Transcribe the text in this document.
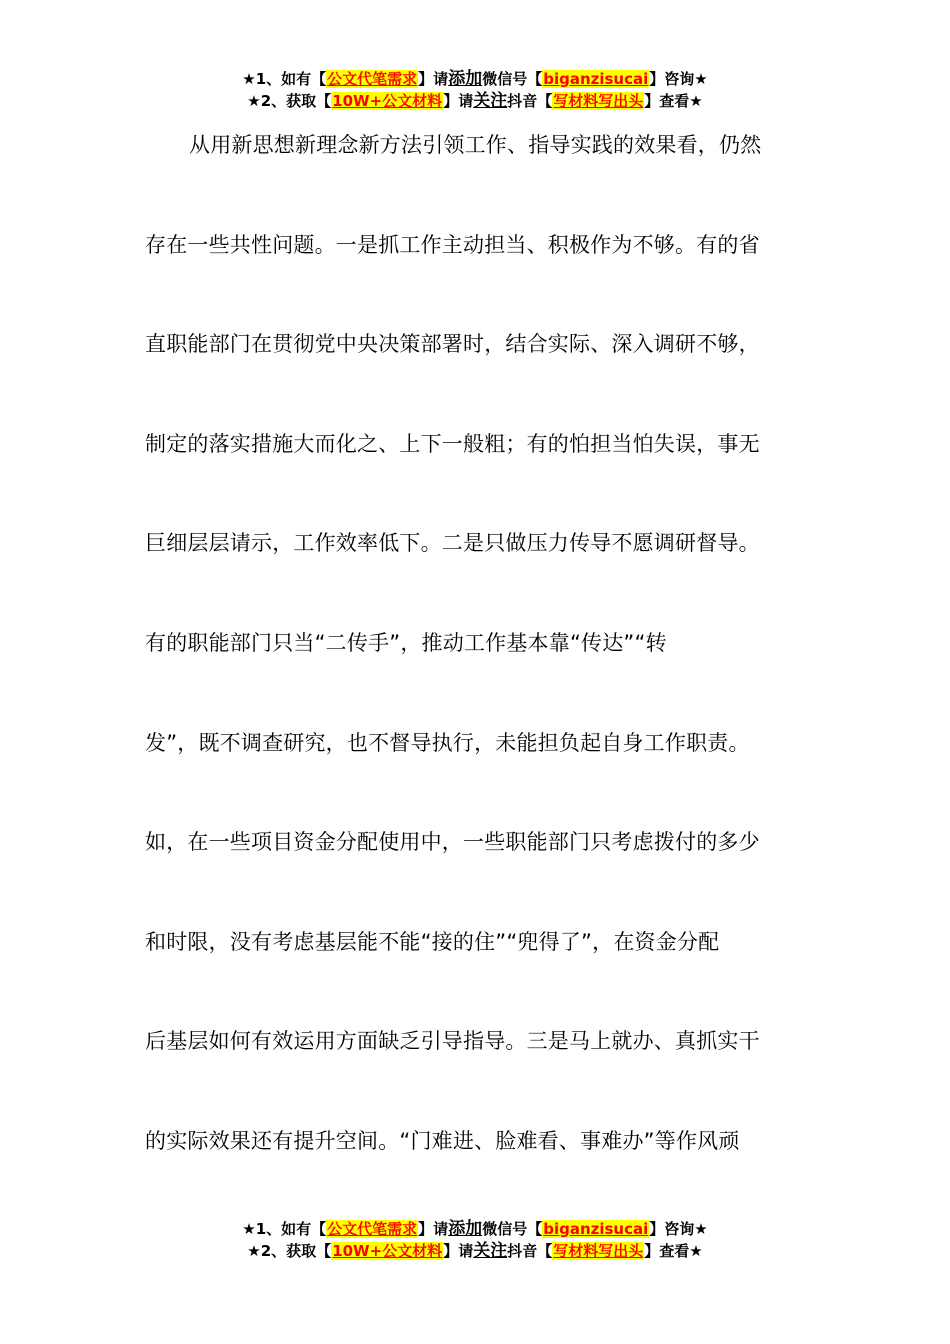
★1、如有【公文代笔需求】请添加微信号【biganzisucai】咨询★
★2、获取【10W+公文材料】请关注抖音【写材料写出头】查看★
从用新思想新理念新方法引领工作、指导实践的效果看，仍然
存在一些共性问题。一是抓工作主动担当、积极作为不够。有的省
直职能部门在贯彻党中央决策部署时，结合实际、深入调研不够，
制定的落实措施大而化之、上下一般粗；有的怕担当怕失误，事无
巨细层层请示，工作效率低下。二是只做压力传导不愿调研督导。
有的职能部门只当“二传手”，推动工作基本靠“传达”“转
发”，既不调查研究，也不督导执行，未能担负起自身工作职责。
如，在一些项目资金分配使用中，一些职能部门只考虑拨付的多少
和时限，没有考虑基层能不能“接的住”“兜得了”，在资金分配
后基层如何有效运用方面缺乏引导指导。三是马上就办、真抓实干
的实际效果还有提升空间。“门难进、脸难看、事难办”等作风顽
★1、如有【公文代笔需求】请添加微信号【biganzisucai】咨询★
★2、获取【10W+公文材料】请关注抖音【写材料写出头】查看★
